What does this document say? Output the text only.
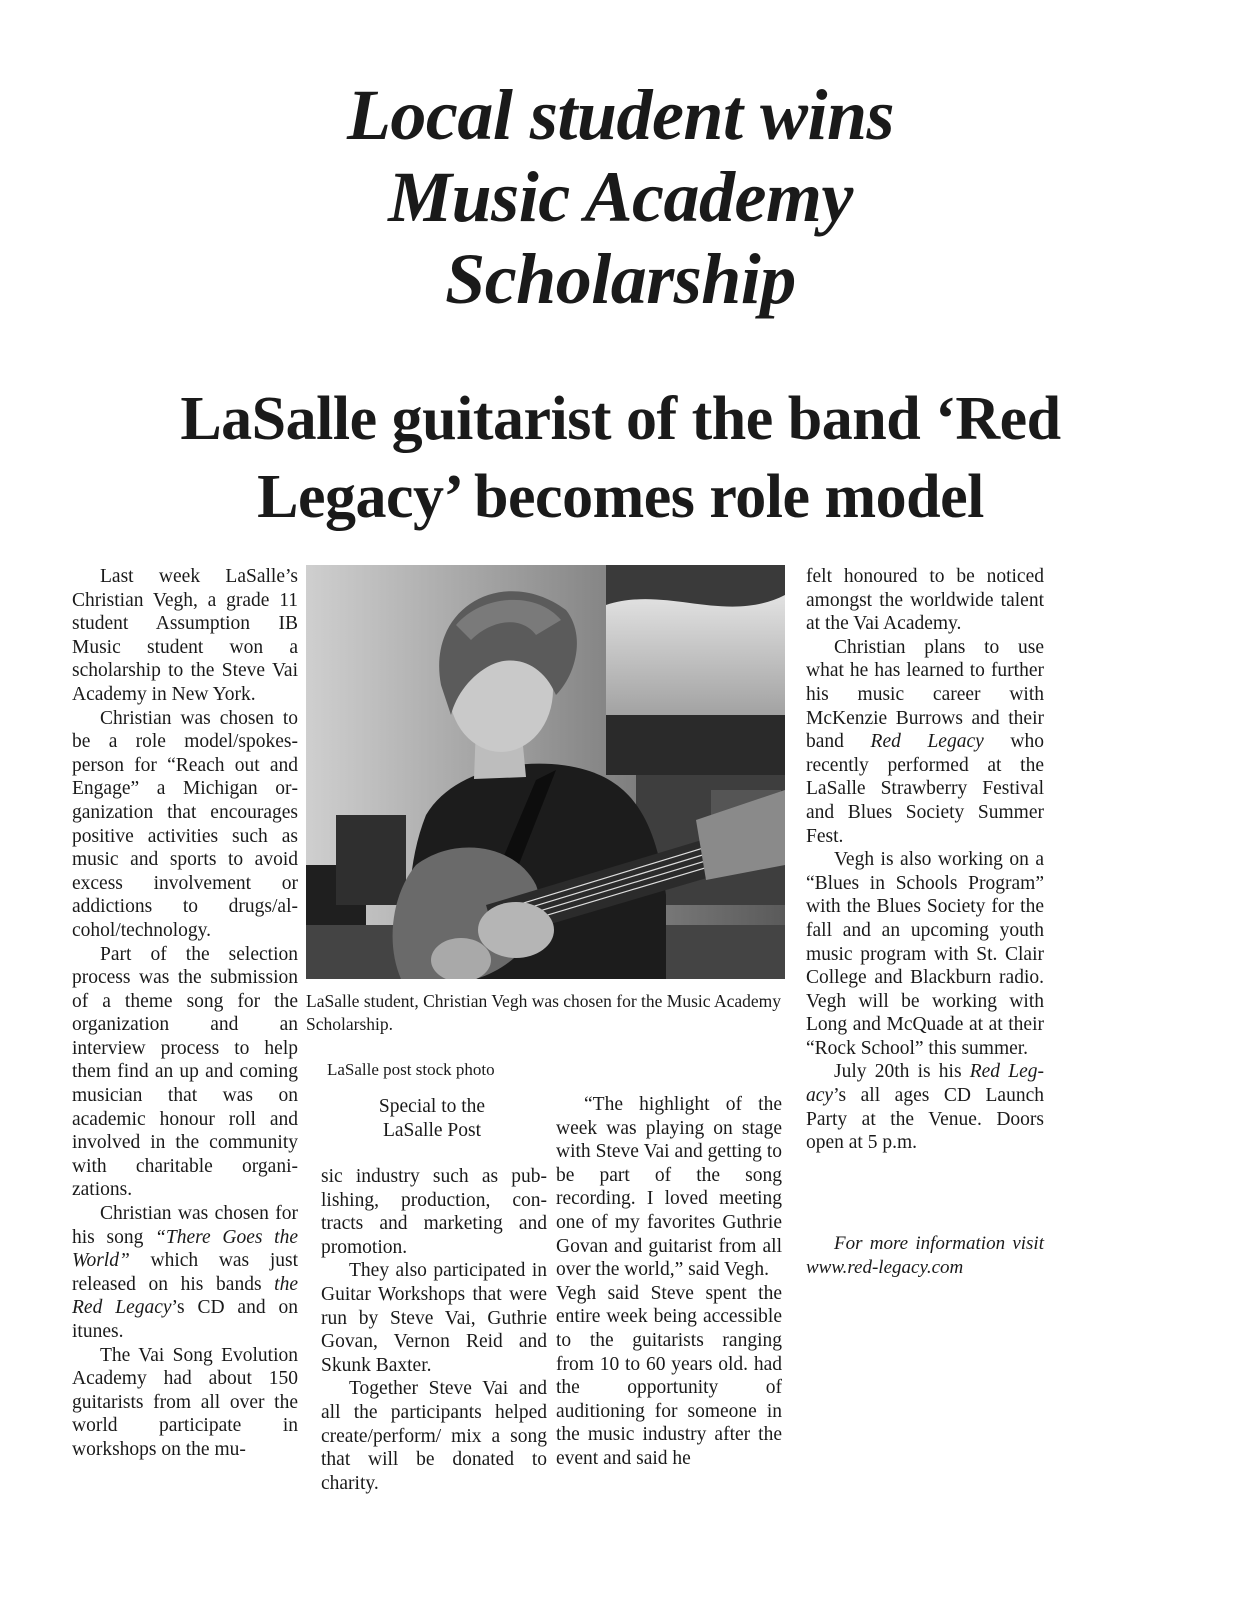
Local student wins
Music Academy
Scholarship
LaSalle guitarist of the band ‘Red
Legacy’ becomes role model

Last week LaSalle’s Christian Vegh, a grade 11 student Assumption IB Music student won a scholarship to the Steve Vai Academy in New York.

Christian was chosen to be a role model/spokesperson for “Reach out and Engage” a Michigan organization that encourages positive activities such as music and sports to avoid excess involvement or addictions to drugs/alcohol/technology.

Part of the selection process was the submission of a theme song for the organization and an interview process to help them find an up and coming musician that was on academic honour roll and involved in the community with charitable organizations.

Christian was chosen for his song “There Goes the World” which was just released on his bands the Red Legacy’s CD and on itunes.

The Vai Song Evolution Academy had about 150 guitarists from all over the world participate in workshops on the mu-

LaSalle student, Christian Vegh was chosen for the Music Academy Scholarship.
LaSalle post stock photo
Special to the
LaSalle Post

sic industry such as publishing, production, contracts and marketing and promotion.

They also participated in Guitar Workshops that were run by Steve Vai, Guthrie Govan, Vernon Reid and Skunk Baxter.

Together Steve Vai and all the participants helped create/perform/ mix a song that will be donated to charity.

“The highlight of the week was playing on stage with Steve Vai and getting to be part of the song recording. I loved meeting one of my favorites Guthrie Govan and guitarist from all over the world,” said Vegh.

Vegh said Steve spent the entire week being accessible to the guitarists ranging from 10 to 60 years old. had the opportunity of auditioning for someone in the music industry after the event and said he

felt honoured to be noticed amongst the worldwide talent at the Vai Academy.

Christian plans to use what he has learned to further his music career with McKenzie Burrows and their band Red Legacy who recently performed at the LaSalle Strawberry Festival and Blues Society Summer Fest.

Vegh is also working on a “Blues in Schools Program” with the Blues Society for the fall and an upcoming youth music program with St. Clair College and Blackburn radio. Vegh will be working with Long and McQuade at at their “Rock School” this summer.

July 20th is his Red Legacy’s all ages CD Launch Party at the Venue. Doors open at 5 p.m.

For more information visit www.red-legacy.com
